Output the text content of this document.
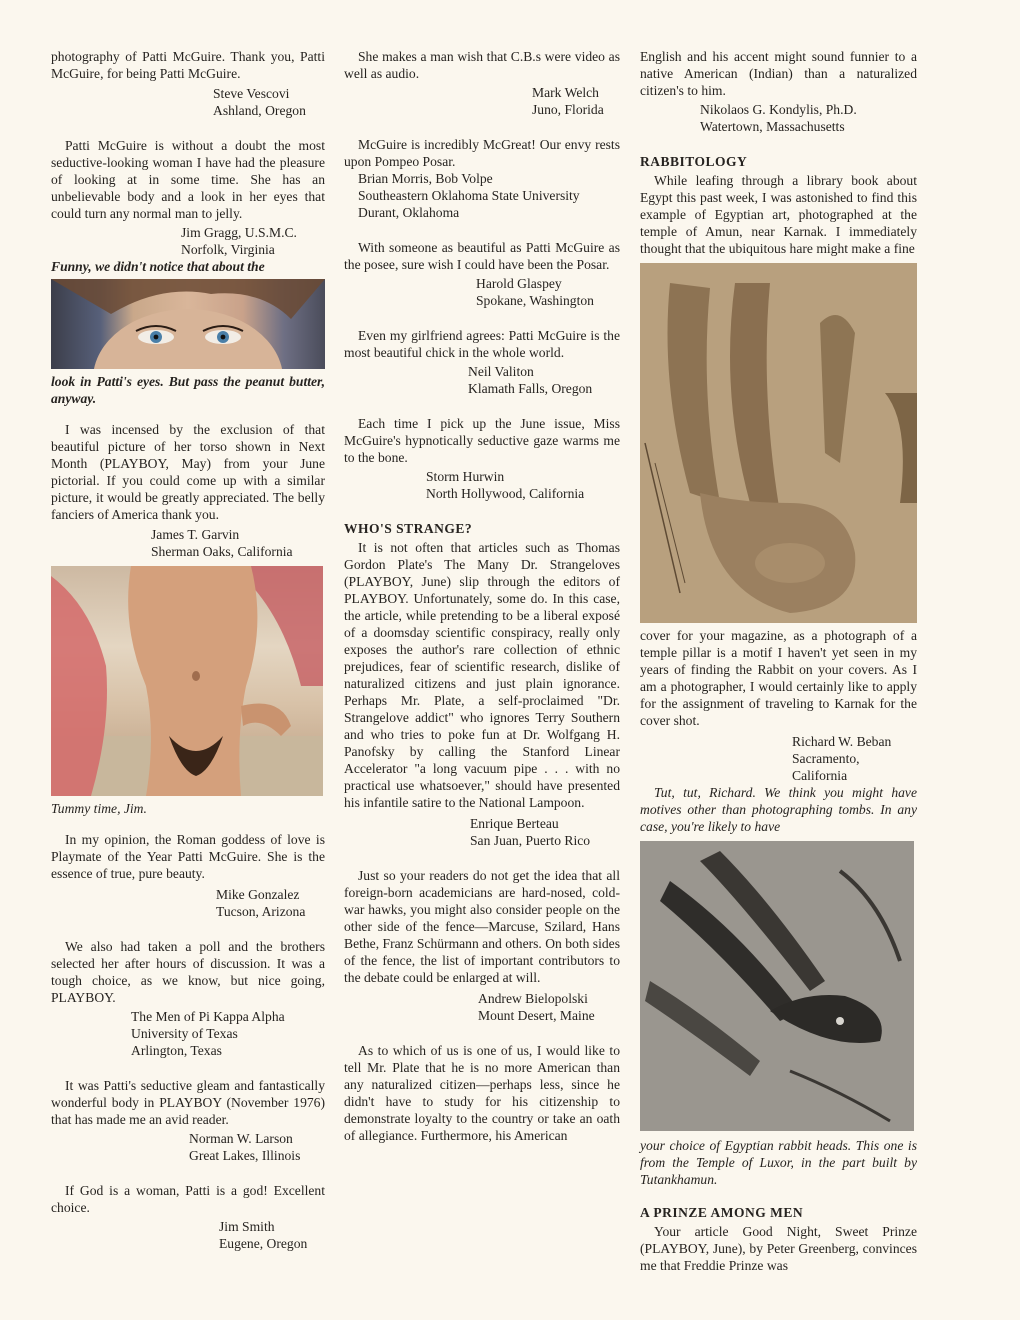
photography of Patti McGuire. Thank you, Patti McGuire, for being Patti McGuire.

Steve Vescovi
Ashland, Oregon

Patti McGuire is without a doubt the most seductive-looking woman I have had the pleasure of looking at in some time. She has an unbelievable body and a look in her eyes that could turn any normal man to jelly.

Jim Gragg, U.S.M.C.
Norfolk, Virginia

Funny, we didn't notice that about the

look in Patti's eyes. But pass the peanut butter, anyway.

I was incensed by the exclusion of that beautiful picture of her torso shown in Next Month (PLAYBOY, May) from your June pictorial. If you could come up with a similar picture, it would be greatly appreciated. The belly fanciers of America thank you.

James T. Garvin
Sherman Oaks, California

Tummy time, Jim.

In my opinion, the Roman goddess of love is Playmate of the Year Patti McGuire. She is the essence of true, pure beauty.

Mike Gonzalez
Tucson, Arizona

We also had taken a poll and the brothers selected her after hours of discussion. It was a tough choice, as we know, but nice going, PLAYBOY.

The Men of Pi Kappa Alpha
University of Texas
Arlington, Texas

It was Patti's seductive gleam and fantastically wonderful body in PLAYBOY (November 1976) that has made me an avid reader.

Norman W. Larson
Great Lakes, Illinois

If God is a woman, Patti is a god! Excellent choice.

Jim Smith
Eugene, Oregon

She makes a man wish that C.B.s were video as well as audio.

Mark Welch
Juno, Florida

McGuire is incredibly McGreat! Our envy rests upon Pompeo Posar.

Brian Morris, Bob Volpe
Southeastern Oklahoma State University
Durant, Oklahoma

With someone as beautiful as Patti McGuire as the posee, sure wish I could have been the Posar.

Harold Glaspey
Spokane, Washington

Even my girlfriend agrees: Patti McGuire is the most beautiful chick in the whole world.

Neil Valiton
Klamath Falls, Oregon

Each time I pick up the June issue, Miss McGuire's hypnotically seductive gaze warms me to the bone.

Storm Hurwin
North Hollywood, California

WHO'S STRANGE?

It is not often that articles such as Thomas Gordon Plate's The Many Dr. Strangeloves (PLAYBOY, June) slip through the editors of PLAYBOY. Unfortunately, some do. In this case, the article, while pretending to be a liberal exposé of a doomsday scientific conspiracy, really only exposes the author's rare collection of ethnic prejudices, fear of scientific research, dislike of naturalized citizens and just plain ignorance. Perhaps Mr. Plate, a self-proclaimed "Dr. Strangelove addict" who ignores Terry Southern and who tries to poke fun at Dr. Wolfgang H. Panofsky by calling the Stanford Linear Accelerator "a long vacuum pipe . . . with no practical use whatsoever," should have presented his infantile satire to the National Lampoon.

Enrique Berteau
San Juan, Puerto Rico

Just so your readers do not get the idea that all foreign-born academicians are hard-nosed, cold-war hawks, you might also consider people on the other side of the fence—Marcuse, Szilard, Hans Bethe, Franz Schürmann and others. On both sides of the fence, the list of important contributors to the debate could be enlarged at will.

Andrew Bielopolski
Mount Desert, Maine

As to which of us is one of us, I would like to tell Mr. Plate that he is no more American than any naturalized citizen—perhaps less, since he didn't have to study for his citizenship to demonstrate loyalty to the country or take an oath of allegiance. Furthermore, his American

English and his accent might sound funnier to a native American (Indian) than a naturalized citizen's to him.

Nikolaos G. Kondylis, Ph.D.
Watertown, Massachusetts

RABBITOLOGY

While leafing through a library book about Egypt this past week, I was astonished to find this example of Egyptian art, photographed at the temple of Amun, near Karnak. I immediately thought that the ubiquitous hare might make a fine

cover for your magazine, as a photograph of a temple pillar is a motif I haven't yet seen in my years of finding the Rabbit on your covers. As I am a photographer, I would certainly like to apply for the assignment of traveling to Karnak for the cover shot.

Richard W. Beban
Sacramento, California

Tut, tut, Richard. We think you might have motives other than photographing tombs. In any case, you're likely to have

your choice of Egyptian rabbit heads. This one is from the Temple of Luxor, in the part built by Tutankhamun.

A PRINZE AMONG MEN

Your article Good Night, Sweet Prinze (PLAYBOY, June), by Peter Greenberg, convinces me that Freddie Prinze was
